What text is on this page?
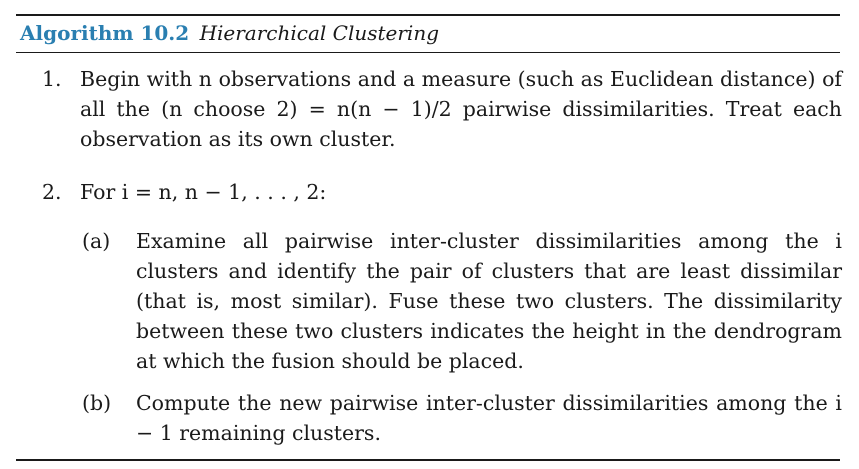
Algorithm 10.2 Hierarchical Clustering
1. Begin with n observations and a measure (such as Euclidean distance) of all the (n choose 2) = n(n − 1)/2 pairwise dissimilarities. Treat each observation as its own cluster.
2. For i = n, n − 1, . . . , 2:
(a)	Examine all pairwise inter-cluster dissimilarities among the i clusters and identify the pair of clusters that are least dissimilar (that is, most similar). Fuse these two clusters. The dissimilarity between these two clusters indicates the height in the dendrogram at which the fusion should be placed.
(b)	Compute the new pairwise inter-cluster dissimilarities among the i − 1 remaining clusters.
